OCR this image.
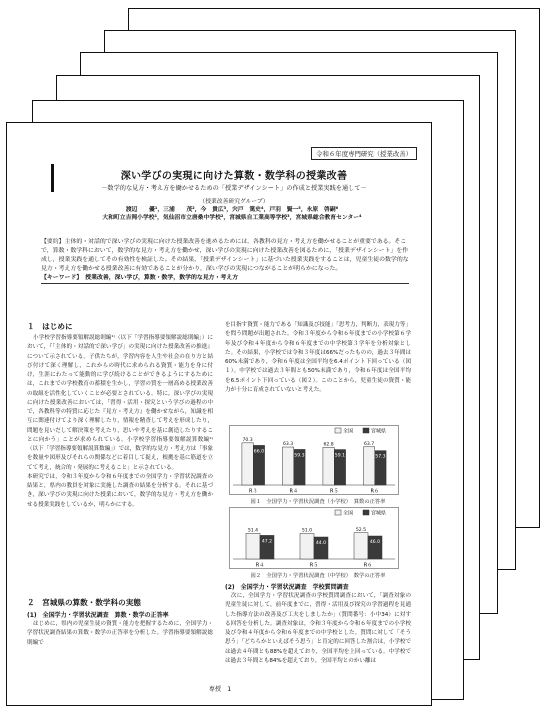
令和６年度専門研究（授業改善）
深い学びの実現に向けた算数・数学科の授業改善
－数学的な見方・考え方を働かせるための「授業デザインシート」の作成と授業実践を通して－
（授業改善研究グループ）
渡辺　　優¹，三浦　　茂²，今　貴広³，宍戸　篤史⁴，戸羽　賢一⁵，永原　啓嗣⁶
大和町立吉岡小学校¹，気仙沼市立唐桑中学校²，宮城県自工業高等学校³，宮城県総合教育センター⁴
【要約】主体的・対話的で深い学びの実現に向けた授業改善を進めるためには，各教科の見方・考え方を働かせることが重要である。そこで，算数・数学科において，数学的な見方・考え方を働かせ，深い学びの実現に向けた授業改善を図るために，「授業デザインシート」を作成し，授業実践を通してその有効性を検証した。その結果，「授業デザインシート」に基づいた授業実践をすることは，児童生徒の数学的な見方・考え方を働かせる授業改善に有効であることが分かり，深い学びの実現につながることが明らかになった。
【キーワード】　授業改善，深い学び，算数・数学，数学的な見方・考え方
１　はじめに
小学校学習指導要領解説総則編¹⁾（以下「学習指導要領解説総則編」）において，『「主体的・対話的で深い学び」の実現に向けた授業改善の推進』について示されている。子供たちが，学習内容を人生や社会の在り方と結び付けて深く理解し，これからの時代に求められる資質・能力を身に付け，生涯にわたって能動的に学び続けることができるようにするためには，これまでの学校教育の蓄積を生かし，学習の質を一層高める授業改善の取組を活性化していくことが必要とされている。特に，深い学びの実現に向けた授業改善においては，「習得・活用・探究という学びの過程の中で，各教科等の特質に応じた『見方・考え方』を働かせながら，知識を相互に関連付けてより深く理解したり，情報を精査して考えを形成したり，問題を見いだして解決策を考えたり，思いや考えを基に創造したりすることに向かう」ことが求められている。小学校学習指導要領解説算数編²⁾（以下「学習指導要領解説算数編」）では，数学的な見方・考え方は「事象を数量や図形及びそれらの関係などに着目して捉え，根拠を基に筋道を立てて考え，統合的・発展的に考えること」と示されている。
本研究では，令和３年度から令和６年度までの全国学力・学習状況調査の結果と，県内の教員を対象に実施した調査の結果を分析する。それに基づき，深い学びの実現に向けた授業において，数学的な見方・考え方を働かせる授業実践をしているか，明らかにする。
２　宮城県の算数・数学科の実態
(1)　全国学力・学習状況調査　算数・数学の正答率
はじめに，県内の児童生徒の資質・能力を把握するために，全国学力・学習状況調査結果の算数・数学の正答率を分析した。学習指導要領解説総則編で
を目指す資質・能力である「知識及び技能」「思考力，判断力，表現力等」を問う問題が出題された。令和３年度から令和６年度までの小学校第６学年及び令和４年度から令和６年度までの中学校第３学年を分析対象とした。その結果，小学校では令和３年度は66%だったものの，過去３年間は60%未満であり，令和６年度は全国平均を6.4ポイント下回っている（図１）。中学校では過去３年間とも50%未満であり，令和６年度は全国平均を6.5ポイント下回っている（図２）。このことから，児童生徒の資質・能力が十分に育成されていないと考えた。
全国	宮城県
70.3
66.0
R３
63.3
59.3
R４
62.8
59.1
R５
63.7
57.3
R６
図１　全国学力・学習状況調査（小学校）　算数の正答率
全国	宮城県
51.4
47.2
R４
51.0
44.0
R５
52.5
46.0
R６
図２　全国学力・学習状況調査（中学校）　数学の正答率
(2)　全国学力・学習状況調査　学校質問調査
次に，全国学力・学習状況調査の学校質問調査において，「調査対象の児童生徒に対して，前年度までに，習得・活用及び探究の学習過程を見通した指導方法の改善及び工夫をしましたか」（質問番号：小中34）に対する回答を分析した。調査対象は，令和３年度から令和６年度までの小学校及び令和４年度から令和６年度までの中学校とした。質問に対して「そう思う」「どちらかといえばそう思う」と肯定的に回答した割合は，小学校では過去４年間とも88%を超えており，全国平均を上回っている。中学校では過去３年間とも84%を超えており，全国平均とのかい離は
専授　1
